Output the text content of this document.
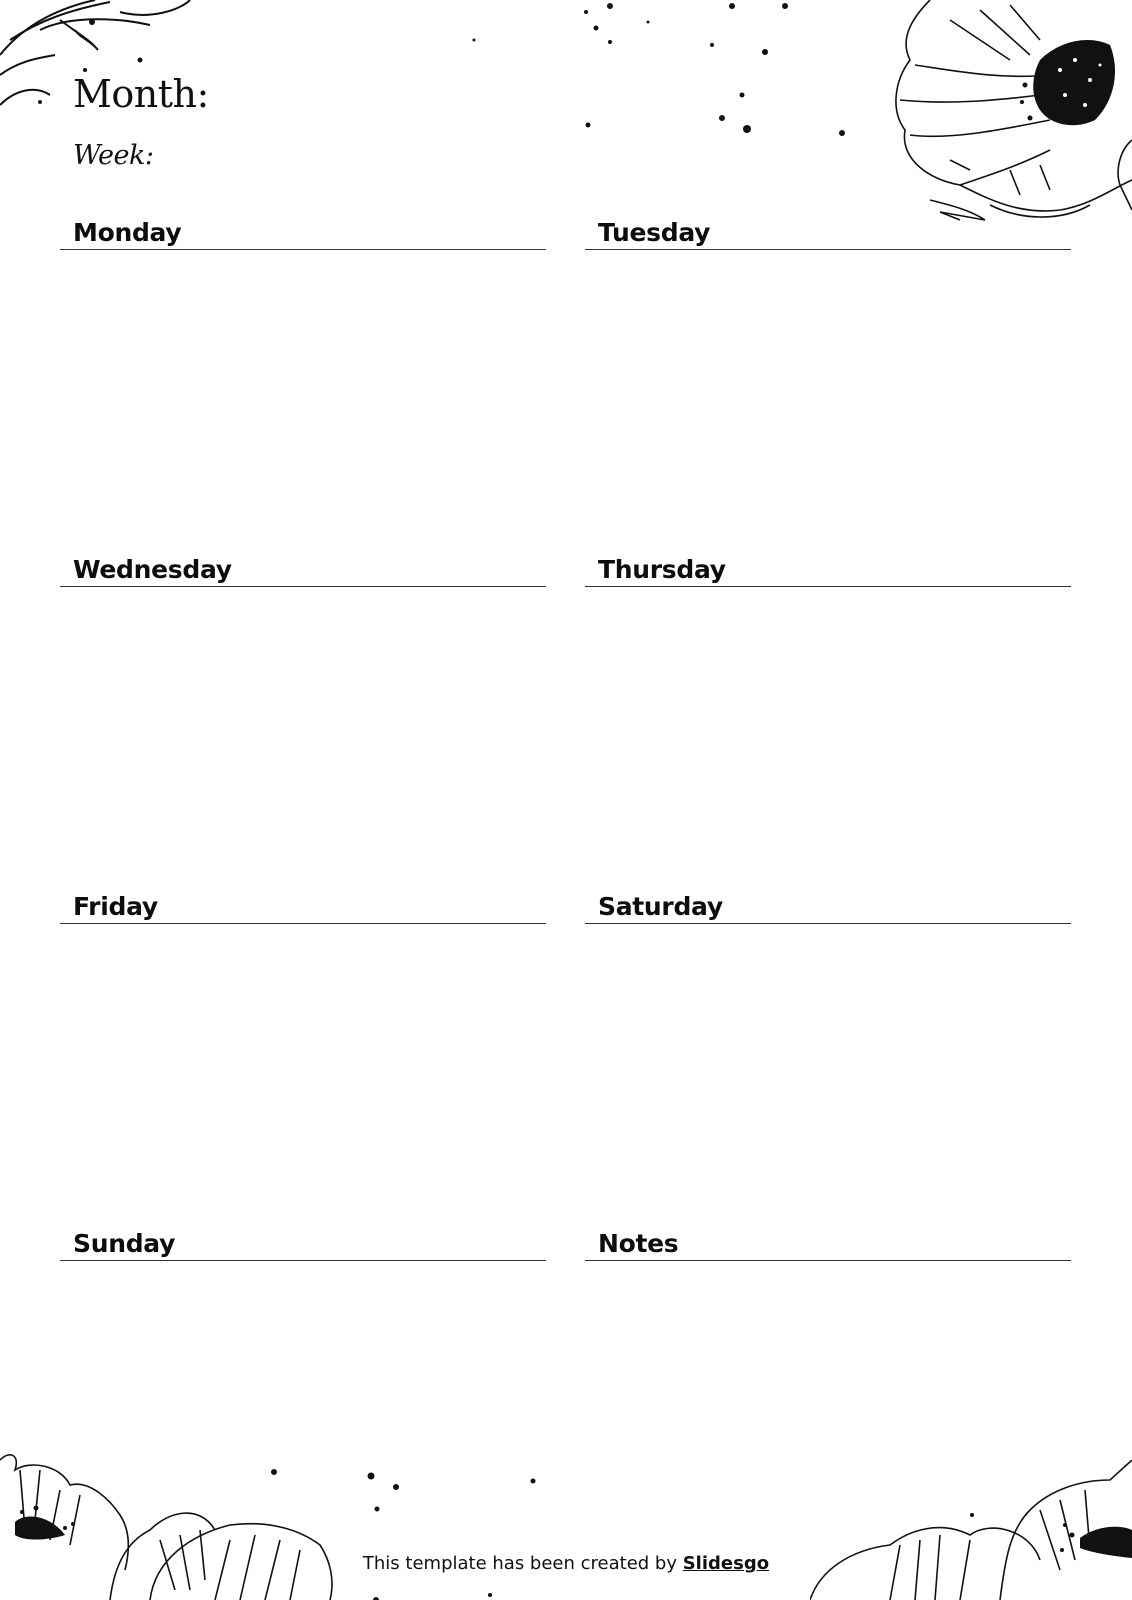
Month:
Week:
Monday	Tuesday
Wednesday	Thursday
Friday	Saturday
Sunday	Notes
This template has been created by Slidesgo
